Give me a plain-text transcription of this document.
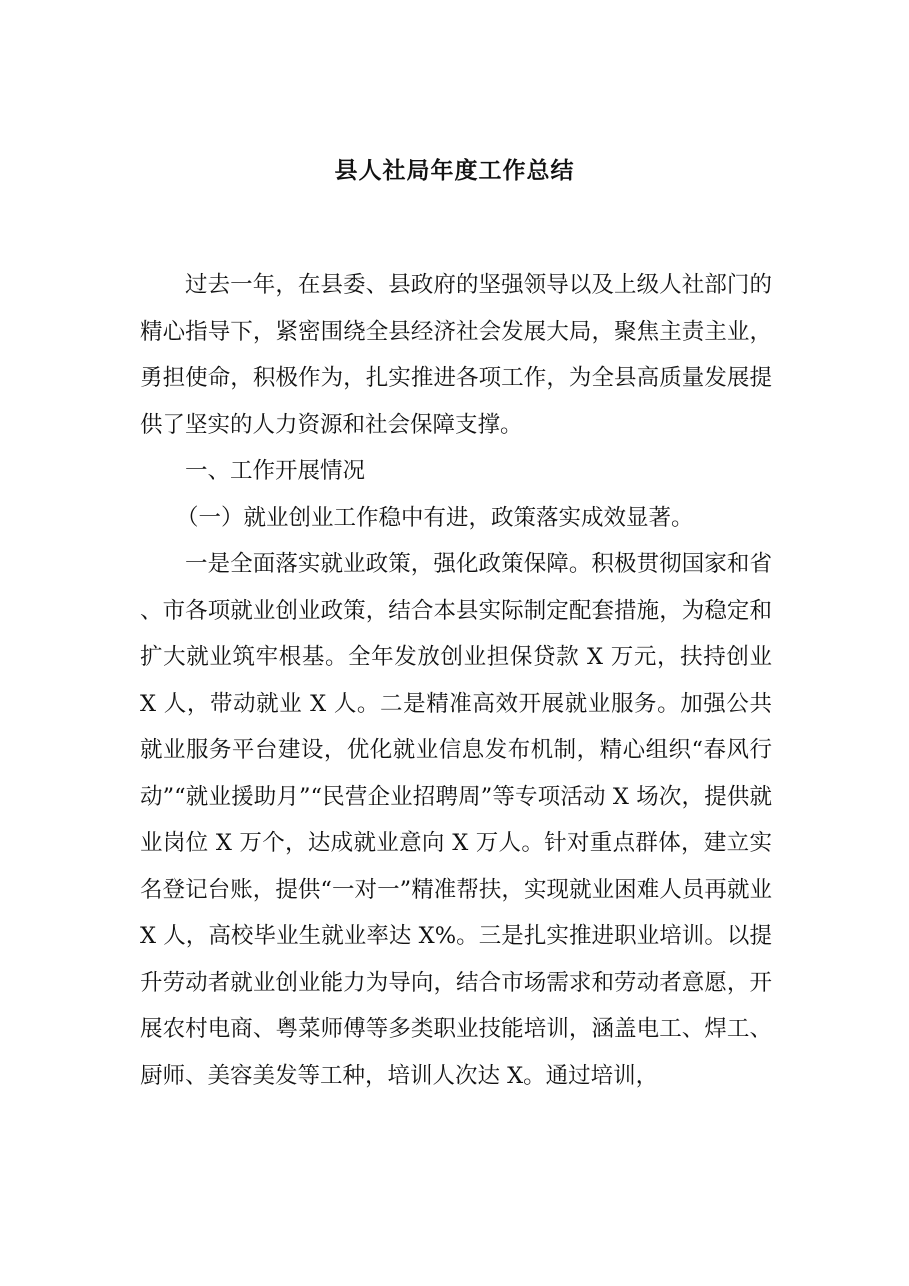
县人社局年度工作总结

过去一年，在县委、县政府的坚强领导以及上级人社部门的精心指导下，紧密围绕全县经济社会发展大局，聚焦主责主业，勇担使命，积极作为，扎实推进各项工作，为全县高质量发展提供了坚实的人力资源和社会保障支撑。

一、工作开展情况

（一）就业创业工作稳中有进，政策落实成效显著。

一是全面落实就业政策，强化政策保障。积极贯彻国家和省、市各项就业创业政策，结合本县实际制定配套措施，为稳定和扩大就业筑牢根基。全年发放创业担保贷款 X 万元，扶持创业 X 人，带动就业 X 人。二是精准高效开展就业服务。加强公共就业服务平台建设，优化就业信息发布机制，精心组织“春风行动”“就业援助月”“民营企业招聘周”等专项活动 X 场次，提供就业岗位 X 万个，达成就业意向 X 万人。针对重点群体，建立实名登记台账，提供“一对一”精准帮扶，实现就业困难人员再就业 X 人，高校毕业生就业率达 X%。三是扎实推进职业培训。以提升劳动者就业创业能力为导向，结合市场需求和劳动者意愿，开展农村电商、粤菜师傅等多类职业技能培训，涵盖电工、焊工、厨师、美容美发等工种，培训人次达 X。通过培训，
